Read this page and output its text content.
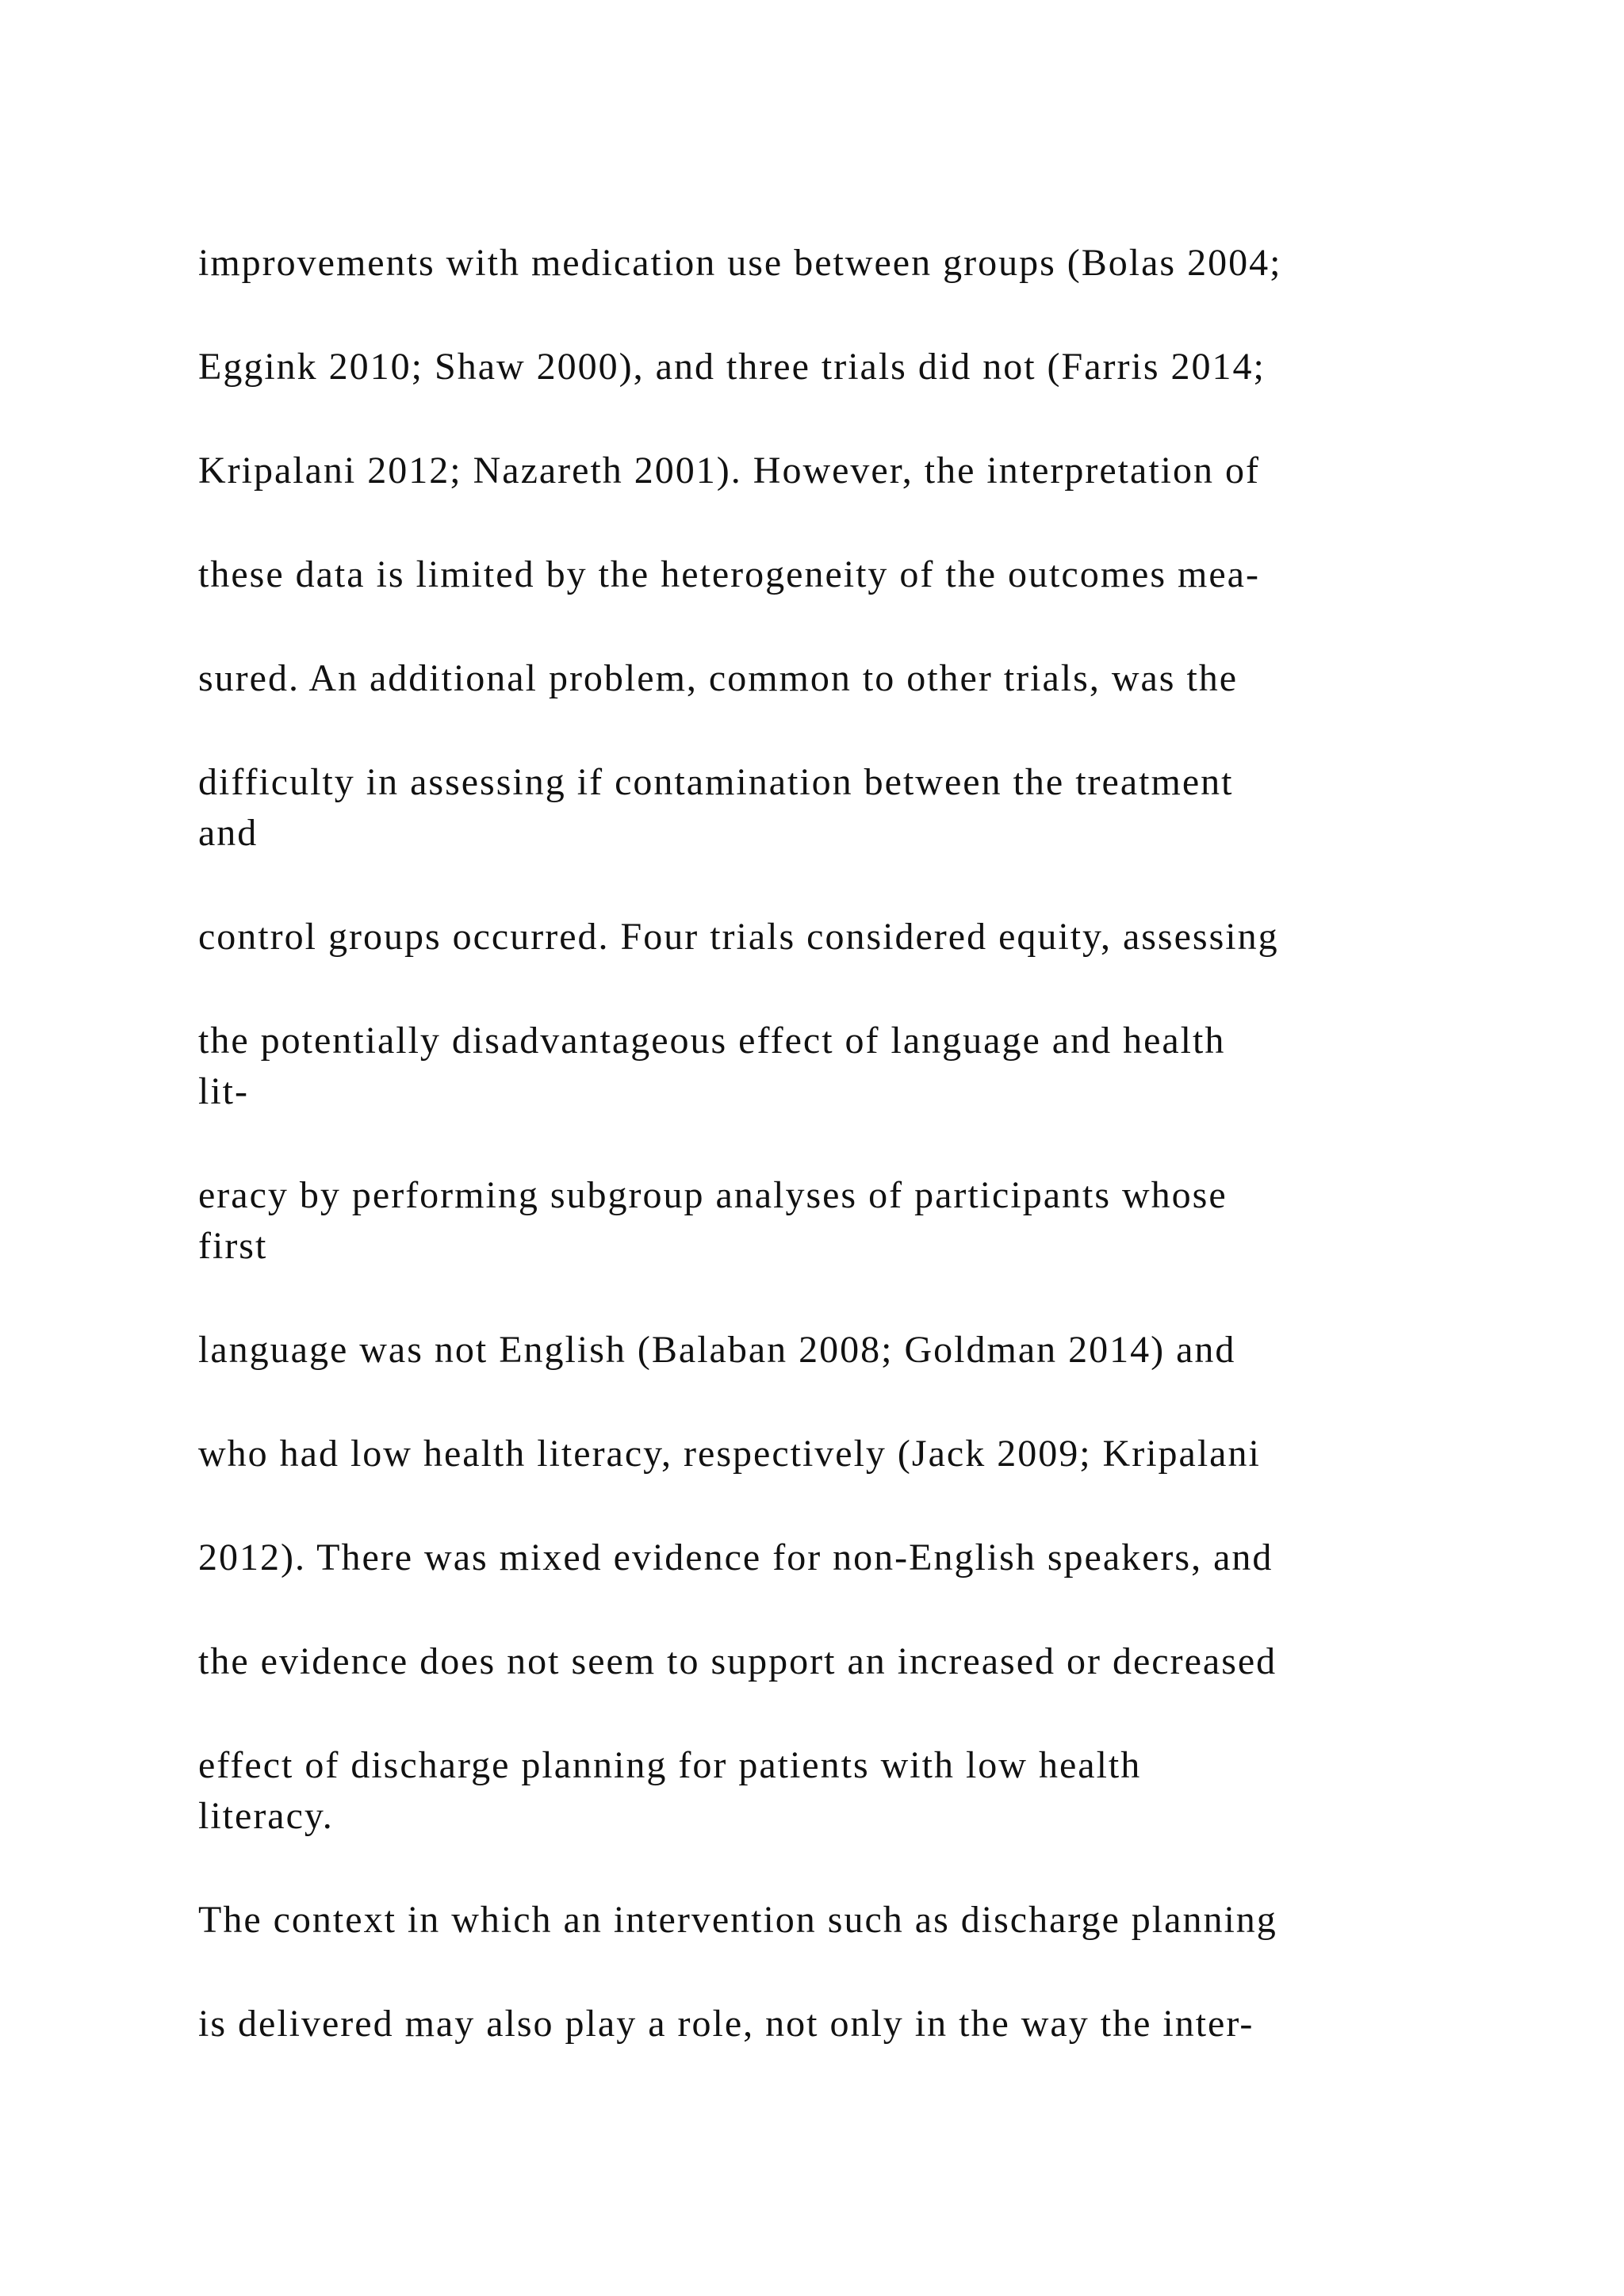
improvements with medication use between groups (Bolas 2004;
Eggink 2010; Shaw 2000), and three trials did not (Farris 2014;
Kripalani 2012; Nazareth 2001). However, the interpretation of
these data is limited by the heterogeneity of the outcomes mea-
sured. An additional problem, common to other trials, was the
difficulty in assessing if contamination between the treatment
and
control groups occurred. Four trials considered equity, assessing
the potentially disadvantageous effect of language and health
lit-
eracy by performing subgroup analyses of participants whose
first
language was not English (Balaban 2008; Goldman 2014) and
who had low health literacy, respectively (Jack 2009; Kripalani
2012). There was mixed evidence for non-English speakers, and
the evidence does not seem to support an increased or decreased
effect of discharge planning for patients with low health
literacy.
The context in which an intervention such as discharge planning
is delivered may also play a role, not only in the way the inter-
